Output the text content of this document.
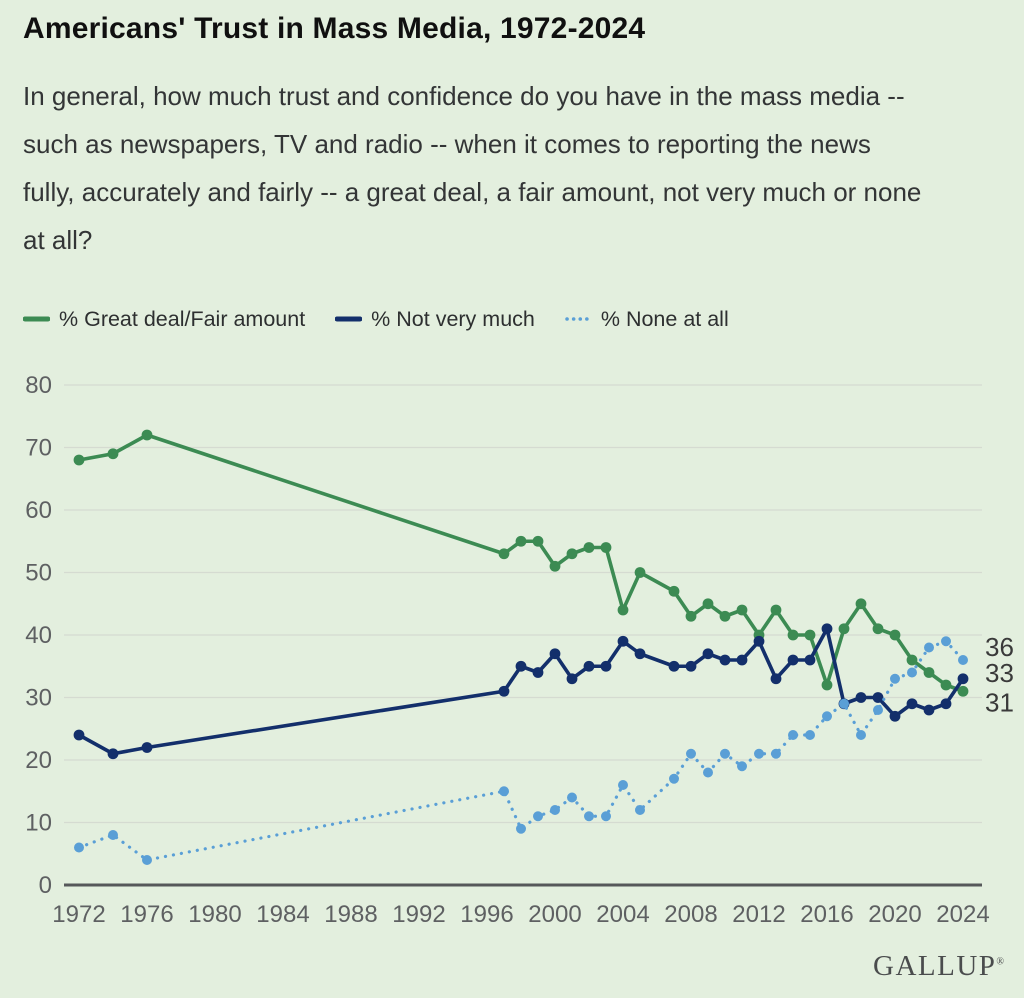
Americans' Trust in Mass Media, 1972-2024
In general, how much trust and confidence do you have in the mass media --
such as newspapers, TV and radio -- when it comes to reporting the news
fully, accurately and fairly -- a great deal, a fair amount, not very much or none
at all?
% Great deal/Fair amount	% Not very much	% None at all
0
10
20
30
40
50
60
70
80
1972 1976 1980 1984 1988 1992 1996 2000 2004 2008 2012 2016 2020 2024
36
33
31
GALLUP®
